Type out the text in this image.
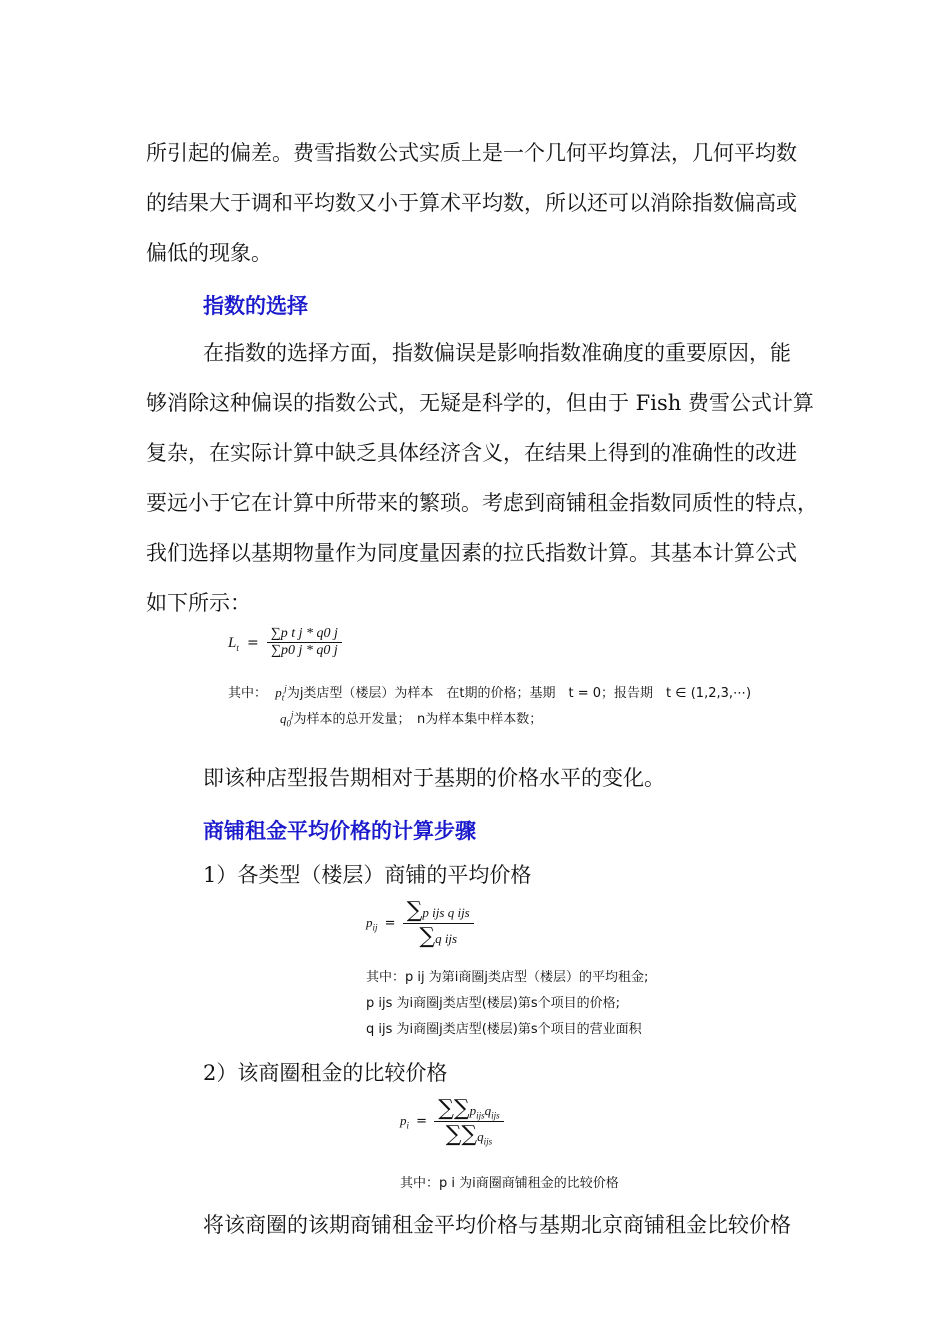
所引起的偏差。费雪指数公式实质上是一个几何平均算法，几何平均数
的结果大于调和平均数又小于算术平均数，所以还可以消除指数偏高或
偏低的现象。
指数的选择
在指数的选择方面，指数偏误是影响指数准确度的重要原因，能
够消除这种偏误的指数公式，无疑是科学的，但由于 Fish 费雪公式计算
复杂，在实际计算中缺乏具体经济含义，在结果上得到的准确性的改进
要远小于它在计算中所带来的繁琐。考虑到商铺租金指数同质性的特点，
我们选择以基期物量作为同度量因素的拉氏指数计算。其基本计算公式
如下所示：
$L_t = \frac{\text{∑p t j * q0 j}}{\sum p0 j * q0 j}$
其中： $p_t^j$为j类店型（楼层）为样本　在t期的价格；基期　t = 0；报告期　t ∈ (1,2,3,⋯)
$q_0^j$为样本的总开发量；　n为样本集中样本数；
即该种店型报告期相对于基期的价格水平的变化。
商铺租金平均价格的计算步骤
1）各类型（楼层）商铺的平均价格
$p_{ij} = \frac{\text{∑p ijs q ijs}}{\text{∑q ijs}}$
其中：p ij 为第i商圈j类店型（楼层）的平均租金;
p ijs 为i商圈j类店型(楼层)第s个项目的价格;
q ijs 为i商圈j类店型(楼层)第s个项目的营业面积
2）该商圈租金的比较价格
$p_i = \frac{\sum\sum p_{ijs}q_{ijs}}{\sum\sum q_{ijs}}$
其中：p i 为i商圈商铺租金的比较价格
将该商圈的该期商铺租金平均价格与基期北京商铺租金比较价格
